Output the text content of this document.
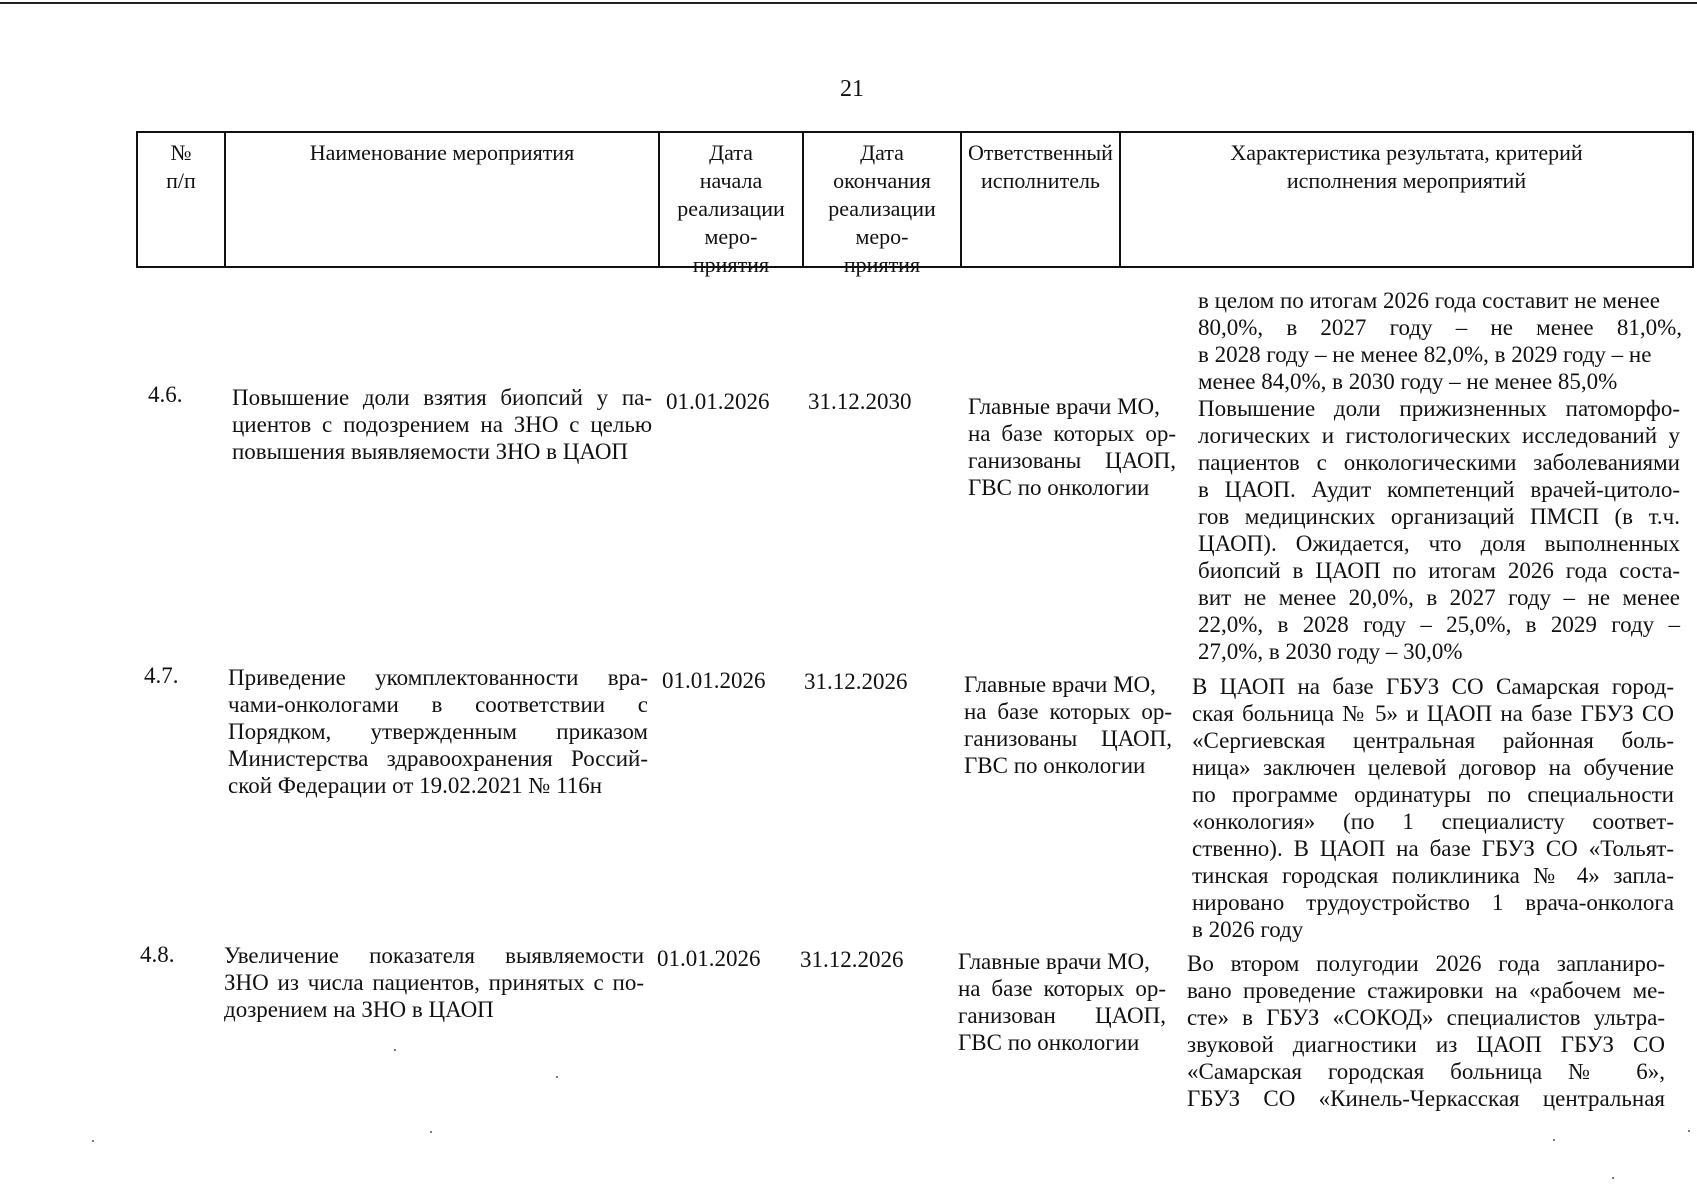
21
№
п/п
Наименование мероприятия	Дата
начала
реализации
меро-
приятия
Дата
окончания
реализации
меро-
приятия
Ответственный
исполнитель
Характеристика результата, критерий
исполнения мероприятий
в целом по итогам 2026 года составит не менее
80,0%, в 2027 году – не менее 81,0%,
в 2028 году – не менее 82,0%, в 2029 году – не
менее 84,0%, в 2030 году – не менее 85,0%
4.6. Повышение доли взятия биопсий у па-
циентов с подозрением на ЗНО с целью
повышения выявляемости ЗНО в ЦАОП
01.01.2026 31.12.2030 Главные врачи МО,
на базе которых ор-
ганизованы ЦАОП,
ГВС по онкологии
Повышение доли прижизненных патоморфо-
логических и гистологических исследований у
пациентов с онкологическими заболеваниями
в ЦАОП. Аудит компетенций врачей-цитоло-
гов медицинских организаций ПМСП (в т.ч.
ЦАОП). Ожидается, что доля выполненных
биопсий в ЦАОП по итогам 2026 года соста-
вит не менее 20,0%, в 2027 году – не менее
22,0%, в 2028 году – 25,0%, в 2029 году –
27,0%, в 2030 году – 30,0%
4.7. Приведение укомплектованности вра-
чами-онкологами в соответствии с
Порядком, утвержденным приказом
Министерства здравоохранения Россий-
ской Федерации от 19.02.2021 № 116н
01.01.2026 31.12.2026 Главные врачи МО,
на базе которых ор-
ганизованы ЦАОП,
ГВС по онкологии
В ЦАОП на базе ГБУЗ СО Самарская город-
ская больница № 5» и ЦАОП на базе ГБУЗ СО
«Сергиевская центральная районная боль-
ница» заключен целевой договор на обучение
по программе ординатуры по специальности
«онкология» (по 1 специалисту соответ-
ственно). В ЦАОП на базе ГБУЗ СО «Тольят-
тинская городская поликлиника № 4» запла-
нировано трудоустройство 1 врача-онколога
в 2026 году
4.8. Увеличение показателя выявляемости
ЗНО из числа пациентов, принятых с по-
дозрением на ЗНО в ЦАОП
01.01.2026 31.12.2026 Главные врачи МО,
на базе которых ор-
ганизован ЦАОП,
ГВС по онкологии
Во втором полугодии 2026 года запланиро-
вано проведение стажировки на «рабочем ме-
сте» в ГБУЗ «СОКОД» специалистов ультра-
звуковой диагностики из ЦАОП ГБУЗ СО
«Самарская городская больница № 6»,
ГБУЗ СО «Кинель-Черкасская центральная
